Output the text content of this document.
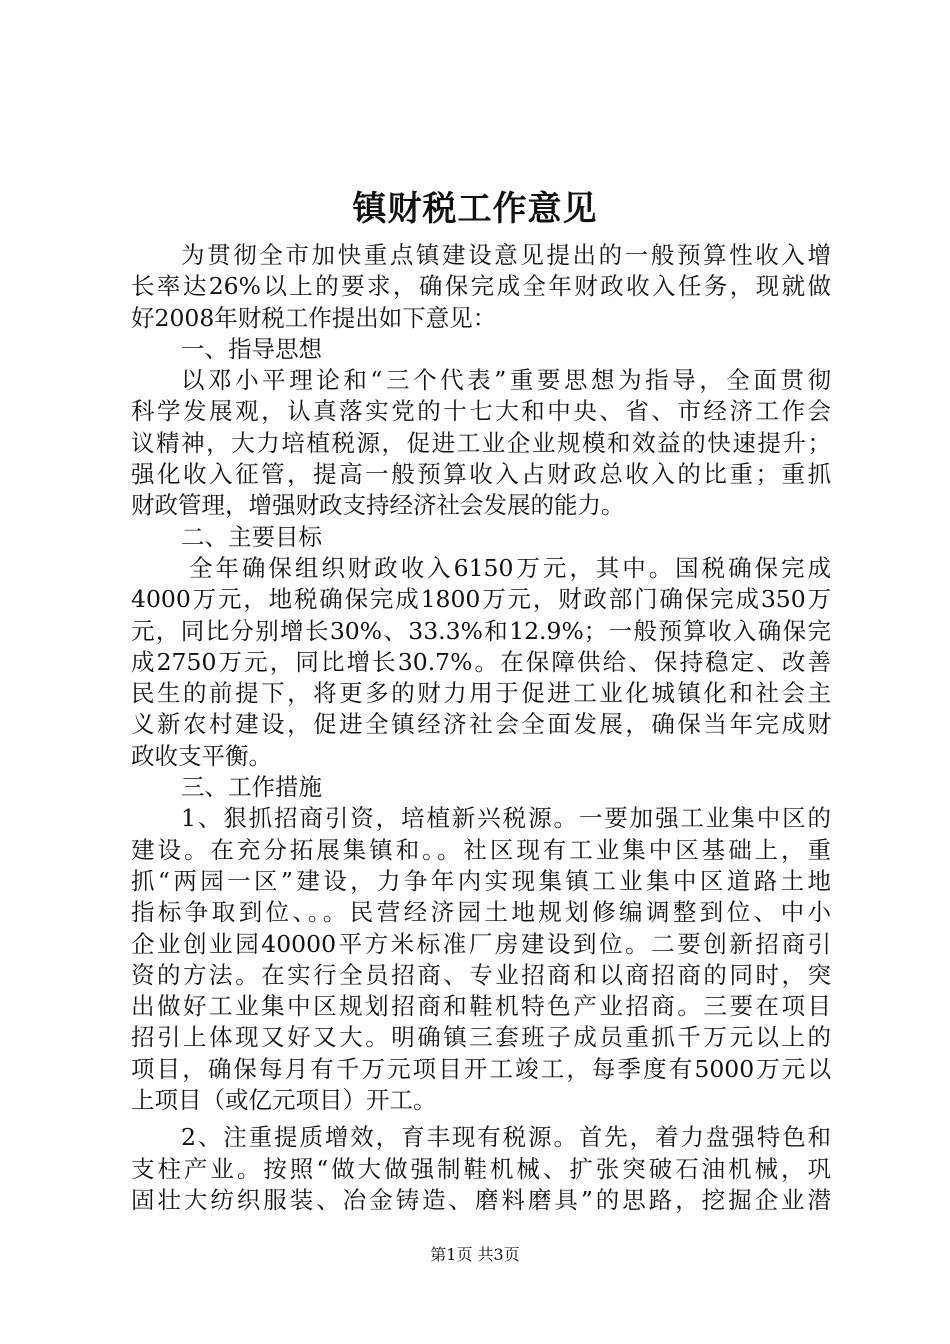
镇财税工作意见
为贯彻全市加快重点镇建设意见提出的一般预算性收入增
长率达26%以上的要求，确保完成全年财政收入任务，现就做
好2008年财税工作提出如下意见：
一、指导思想
以邓小平理论和“三个代表”重要思想为指导，全面贯彻
科学发展观，认真落实党的十七大和中央、省、市经济工作会
议精神，大力培植税源，促进工业企业规模和效益的快速提升；
强化收入征管，提高一般预算收入占财政总收入的比重；重抓
财政管理，增强财政支持经济社会发展的能力。
二、主要目标
全年确保组织财政收入6150万元，其中。国税确保完成
4000万元，地税确保完成1800万元，财政部门确保完成350万
元，同比分别增长30%、33.3%和12.9%；一般预算收入确保完
成2750万元，同比增长30.7%。在保障供给、保持稳定、改善
民生的前提下，将更多的财力用于促进工业化城镇化和社会主
义新农村建设，促进全镇经济社会全面发展，确保当年完成财
政收支平衡。
三、工作措施
1、狠抓招商引资，培植新兴税源。一要加强工业集中区的
建设。在充分拓展集镇和。。社区现有工业集中区基础上，重
抓“两园一区”建设，力争年内实现集镇工业集中区道路土地
指标争取到位、。。民营经济园土地规划修编调整到位、中小
企业创业园40000平方米标准厂房建设到位。二要创新招商引
资的方法。在实行全员招商、专业招商和以商招商的同时，突
出做好工业集中区规划招商和鞋机特色产业招商。三要在项目
招引上体现又好又大。明确镇三套班子成员重抓千万元以上的
项目，确保每月有千万元项目开工竣工，每季度有5000万元以
上项目（或亿元项目）开工。
2、注重提质增效，育丰现有税源。首先，着力盘强特色和
支柱产业。按照“做大做强制鞋机械、扩张突破石油机械，巩
固壮大纺织服装、冶金铸造、磨料磨具”的思路，挖掘企业潜
第1页 共3页
